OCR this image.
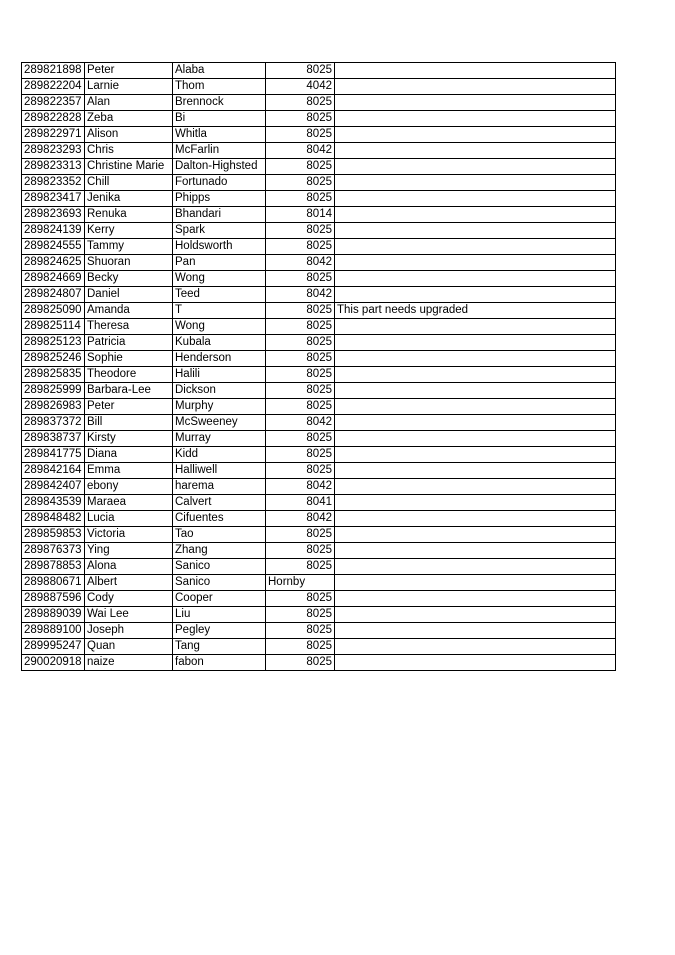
289821898	Peter	Alaba	8025	
289822204	Larnie	Thom	4042	
289822357	Alan	Brennock	8025	
289822828	Zeba	Bi	8025	
289822971	Alison	Whitla	8025	
289823293	Chris	McFarlin	8042	
289823313	Christine Marie	Dalton-Highsted	8025	
289823352	Chill	Fortunado	8025	
289823417	Jenika	Phipps	8025	
289823693	Renuka	Bhandari	8014	
289824139	Kerry	Spark	8025	
289824555	Tammy	Holdsworth	8025	
289824625	Shuoran	Pan	8042	
289824669	Becky	Wong	8025	
289824807	Daniel	Teed	8042	
289825090	Amanda	T	8025	This part needs upgraded
289825114	Theresa	Wong	8025	
289825123	Patricia	Kubala	8025	
289825246	Sophie	Henderson	8025	
289825835	Theodore	Halili	8025	
289825999	Barbara-Lee	Dickson	8025	
289826983	Peter	Murphy	8025	
289837372	Bill	McSweeney	8042	
289838737	Kirsty	Murray	8025	
289841775	Diana	Kidd	8025	
289842164	Emma	Halliwell	8025	
289842407	ebony	harema	8042	
289843539	Maraea	Calvert	8041	
289848482	Lucia	Cifuentes	8042	
289859853	Victoria	Tao	8025	
289876373	Ying	Zhang	8025	
289878853	Alona	Sanico	8025	
289880671	Albert	Sanico	Hornby	
289887596	Cody	Cooper	8025	
289889039	Wai Lee	Liu	8025	
289889100	Joseph	Pegley	8025	
289995247	Quan	Tang	8025	
290020918	naize	fabon	8025	
